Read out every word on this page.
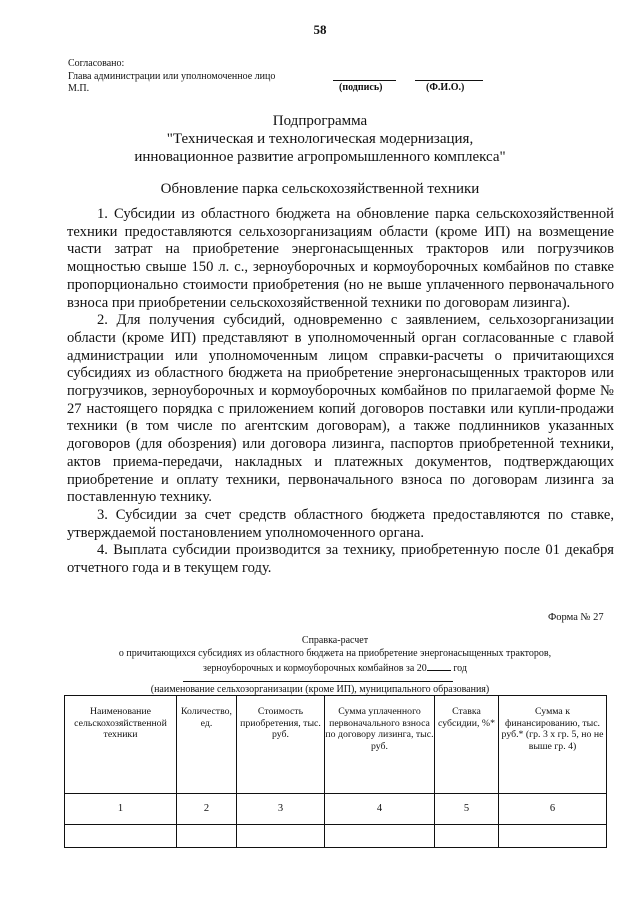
58
Согласовано:
Глава администрации или уполномоченное лицо
М.П.	(подпись)	(Ф.И.О.)
Подпрограмма
"Техническая и технологическая модернизация,
инновационное развитие агропромышленного комплекса"
Обновление парка сельскохозяйственной техники

1. Субсидии из областного бюджета на обновление парка сельскохозяйственной техники предоставляются сельхозорганизациям области (кроме ИП) на возмещение части затрат на приобретение энергонасыщенных тракторов или погрузчиков мощностью свыше 150 л. с., зерноуборочных и кормоуборочных комбайнов по ставке пропорционально стоимости приобретения (но не выше уплаченного первоначального взноса при приобретении сельскохозяйственной техники по договорам лизинга).

2. Для получения субсидий, одновременно с заявлением, сельхозорганизации области (кроме ИП) представляют в уполномоченный орган согласованные с главой администрации или уполномоченным лицом справки-расчеты о причитающихся субсидиях из областного бюджета на приобретение энергонасыщенных тракторов или погрузчиков, зерноуборочных и кормоуборочных комбайнов по прилагаемой форме № 27 настоящего порядка с приложением копий договоров поставки или купли-продажи техники (в том числе по агентским договорам), а также подлинников указанных договоров (для обозрения) или договора лизинга, паспортов приобретенной техники, актов приема-передачи, накладных и платежных документов, подтверждающих приобретение и оплату техники, первоначального взноса по договорам лизинга за поставленную технику.

3. Субсидии за счет средств областного бюджета предоставляются по ставке, утверждаемой постановлением уполномоченного органа.

4. Выплата субсидии производится за технику, приобретенную после 01 декабря отчетного года и в текущем году.

Форма № 27
Справка-расчет
о причитающихся субсидиях из областного бюджета на приобретение энергонасыщенных тракторов,
зерноуборочных и кормоуборочных комбайнов за 20 год
(наименование сельхозорганизации (кроме ИП), муниципального образования)
Наименование сельскохозяйственной техники	Количество, ед.	Стоимость приобретения, тыс. руб.	Сумма уплаченного первоначального взноса по договору лизинга, тыс. руб.	Ставка субсидии, %*	Сумма к финансированию, тыс. руб.* (гр. 3 х гр. 5, но не выше гр. 4)
1	2	3	4	5	6
